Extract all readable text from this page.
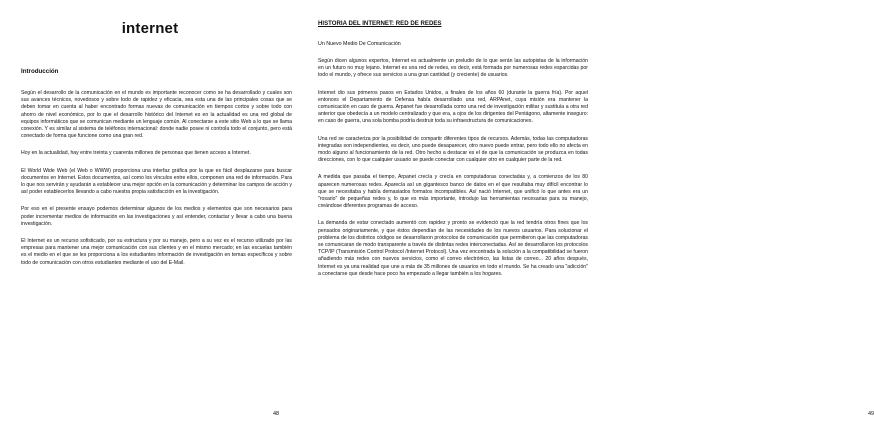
internet
Introducción

Según el desarrollo de la comunicación en el mundo es importante reconocer como se ha desarrollado y cuales son sus avances técnicos, novedosos y sobre todo de rapidez y eficacia, sea esta una de las principales cosas que se deben tomar en cuenta al haber encontrado formas nuevas de comunicación en tiempos cortos y sobre todo con ahorro de nivel económico, por lo que el desarrollo histórico del Internet es en la actualidad es una red global de equipos informáticos que se comunican mediante un lenguaje común. Al conectarse a este sitio Web a lo que se llama conexión. Y es similar al sistema de teléfonos internacional: donde nadie posee ni controla todo el conjunto, pero está conectado de forma que funcione como una gran red.

Hoy en la actualidad, hay entre treinta y cuarenta millones de personas que tienen acceso a Internet.

El World Wide Web (el Web o WWW) proporciona una interfaz gráfica por la que es fácil desplazarse para buscar documentos en Internet. Estos documentos, así como los vínculos entre ellos, componen una red de información. Para lo que nos servirán y ayudarán a establecer una mejor opción en la comunicación y determinar los campos de acción y así poder establecerlos llevando a cabo nuestra propia satisfacción en la investigación.

Por eso en el presente ensayo podemos determinar algunos de los medios y elementos que son necesarios para poder incrementar medios de información en las investigaciones y así entender, contactar y llevar a cabo una buena investigación.

El Internet es un recurso sofisticado, por su estructura y por su manejo, pero a su vez es el recurso utilizado por las empresas para mantener una mejor comunicación con sus clientes y en el mismo mercado; en las escuelas también es el medio en el que se les proporciona a los estudiantes información de investigación en temas específicos y sobre todo de comunicación con otros estudiantes mediante el uso del E-Mail.

48
HISTORIA DEL INTERNET: RED DE REDES
Un Nuevo Medio De Comunicación

Según dicen algunos expertos, Internet es actualmente un preludio de lo que serán las autopistas de la información en un futuro no muy lejano. Internet es una red de redes, es decir, está formada por numerosas redes esparcidas por todo el mundo, y ofrece sus servicios a una gran cantidad (y creciente) de usuarios.

Internet dio sus primeros pasos en Estados Unidos, a finales de los años 60 (durante la guerra fría). Por aquel entonces el Departamento de Defensa había desarrollado una red, ARPAnet, cuya misión era mantener la comunicación en caso de guerra. Arpanet fue desarrollada como una red de investigación militar y sustituía a otra red anterior que obedecía a un modelo centralizado y que era, a ojos de los dirigentes del Pentágono, altamente inseguro: en caso de guerra, una sola bomba podría destruir toda su infraestructura de comunicaciones.

Una red se caracteriza por la posibilidad de compartir diferentes tipos de recursos. Además, todas las computadoras integradas son independientes, es decir, uno puede desaparecer, otro nuevo puede entrar, pero todo ello no afecta en modo alguno al funcionamiento de la red. Otro hecho a destacar es el de que la comunicación se produzca en todas direcciones, con lo que cualquier usuario se puede conectar con cualquier otro en cualquier parte de la red.

A medida que pasaba el tiempo, Arpanet crecía y crecía en computadoras conectadas y, a comienzos de los 80 aparecen numerosas redes. Aparecía así un gigantesco banco de datos en el que resultaba muy difícil encontrar lo que se necesitaba y había demasiados formatos incompatibles. Así nació Internet, que unificó lo que antes era un "rosario" de pequeñas redes y, lo que es más importante, introdujo las herramientas necesarias para su manejo, creándose diferentes programas de acceso.

La demanda de estar conectado aumentó con rapidez y pronto se evidenció que la red tendría otros fines que los pensados originariamente, y que éstos dependían de las necesidades de los nuevos usuarios. Para solucionar el problema de los distintos códigos se desarrollaron protocolos de comunicación que permitieron que las computadoras se comunicaran de modo transparente a través de distintas redes interconectadas. Así se desarrollaron los protocolos TCP/IP (Transmisión Control Protocol /Internet Protocol). Una vez encontrada la solución a la compatibilidad se fueron añadiendo más redes con nuevos servicios, como el correo electrónico, las listas de correo... 20 años después, Internet es ya una realidad que une a más de 35 millones de usuarios en todo el mundo. Se ha creado una "adicción" a conectarse que desde hace poco ha empezado a llegar también a los hogares.

49
